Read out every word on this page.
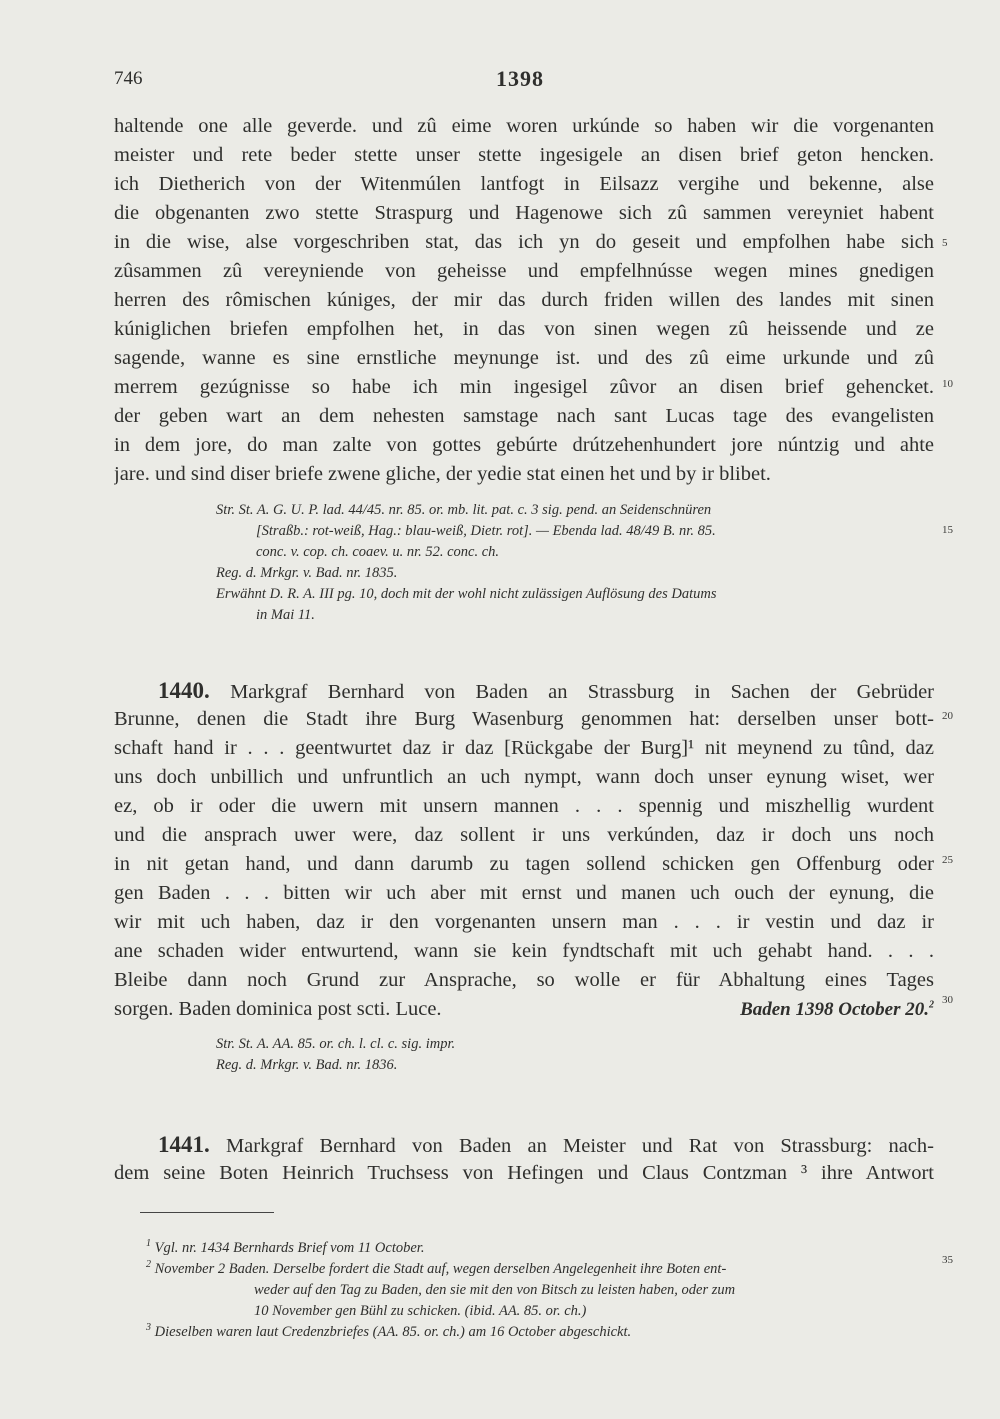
746	1398
haltende one alle geverde. und zû eime woren urkúnde so haben wir die vorgenanten
meister und rete beder stette unser stette ingesigele an disen brief geton hencken.
ich Dietherich von der Witenmúlen lantfogt in Eilsazz vergihe und bekenne, alse
die obgenanten zwo stette Straspurg und Hagenowe sich zû sammen vereyniet habent
in die wise, alse vorgeschriben stat, das ich yn do geseit und empfolhen habe sich
zûsammen zû vereyniende von geheisse und empfelhnússe wegen mines gnedigen
herren des rômischen kúniges, der mir das durch friden willen des landes mit sinen
kúniglichen briefen empfolhen het, in das von sinen wegen zû heissende und ze
sagende, wanne es sine ernstliche meynunge ist. und des zû eime urkunde und zû
merrem gezúgnisse so habe ich min ingesigel zûvor an disen brief gehencket.
der geben wart an dem nehesten samstage nach sant Lucas tage des evangelisten
in dem jore, do man zalte von gottes gebúrte drútzehenhundert jore núntzig und ahte
jare. und sind diser briefe zwene gliche, der yedie stat einen het und by ir blibet.
Str. St. A. G. U. P. lad. 44/45. nr. 85. or. mb. lit. pat. c. 3 sig. pend. an Seidenschnüren
[Straßb.: rot-weiß, Hag.: blau-weiß, Dietr. rot]. — Ebenda lad. 48/49 B. nr. 85.
conc. v. cop. ch. coaev. u. nr. 52. conc. ch.
Reg. d. Mrkgr. v. Bad. nr. 1835.
Erwähnt D. R. A. III pg. 10, doch mit der wohl nicht zulässigen Auflösung des Datums
in Mai 11.
1440. Markgraf Bernhard von Baden an Strassburg in Sachen der Gebrüder
Brunne, denen die Stadt ihre Burg Wasenburg genommen hat: derselben unser bott-
schaft hand ir . . . geentwurtet daz ir daz [Rückgabe der Burg]¹ nit meynend zu tûnd, daz
uns doch unbillich und unfruntlich an uch nympt, wann doch unser eynung wiset, wer
ez, ob ir oder die uwern mit unsern mannen . . . spennig und miszhellig wurdent
und die ansprach uwer were, daz sollent ir uns verkúnden, daz ir doch uns noch
in nit getan hand, und dann darumb zu tagen sollend schicken gen Offenburg oder
gen Baden . . . bitten wir uch aber mit ernst und manen uch ouch der eynung, die
wir mit uch haben, daz ir den vorgenanten unsern man . . . ir vestin und daz ir
ane schaden wider entwurtend, wann sie kein fyndtschaft mit uch gehabt hand. . . .
Bleibe dann noch Grund zur Ansprache, so wolle er für Abhaltung eines Tages
sorgen. Baden dominica post scti. Luce.	Baden 1398 October 20.$^2$
Str. St. A. AA. 85. or. ch. l. cl. c. sig. impr.
Reg. d. Mrkgr. v. Bad. nr. 1836.
1441. Markgraf Bernhard von Baden an Meister und Rat von Strassburg: nach-
dem seine Boten Heinrich Truchsess von Hefingen und Claus Contzman ³ ihre Antwort
$^1$ Vgl. nr. 1434 Bernhards Brief vom 11 October.
$^2$ November 2 Baden. Derselbe fordert die Stadt auf, wegen derselben Angelegenheit ihre Boten ent-
weder auf den Tag zu Baden, den sie mit den von Bitsch zu leisten haben, oder zum
10 November gen Bühl zu schicken. (ibid. AA. 85. or. ch.)
$^3$ Dieselben waren laut Credenzbriefes (AA. 85. or. ch.) am 16 October abgeschickt.
5
10
15
20
25
30
35
